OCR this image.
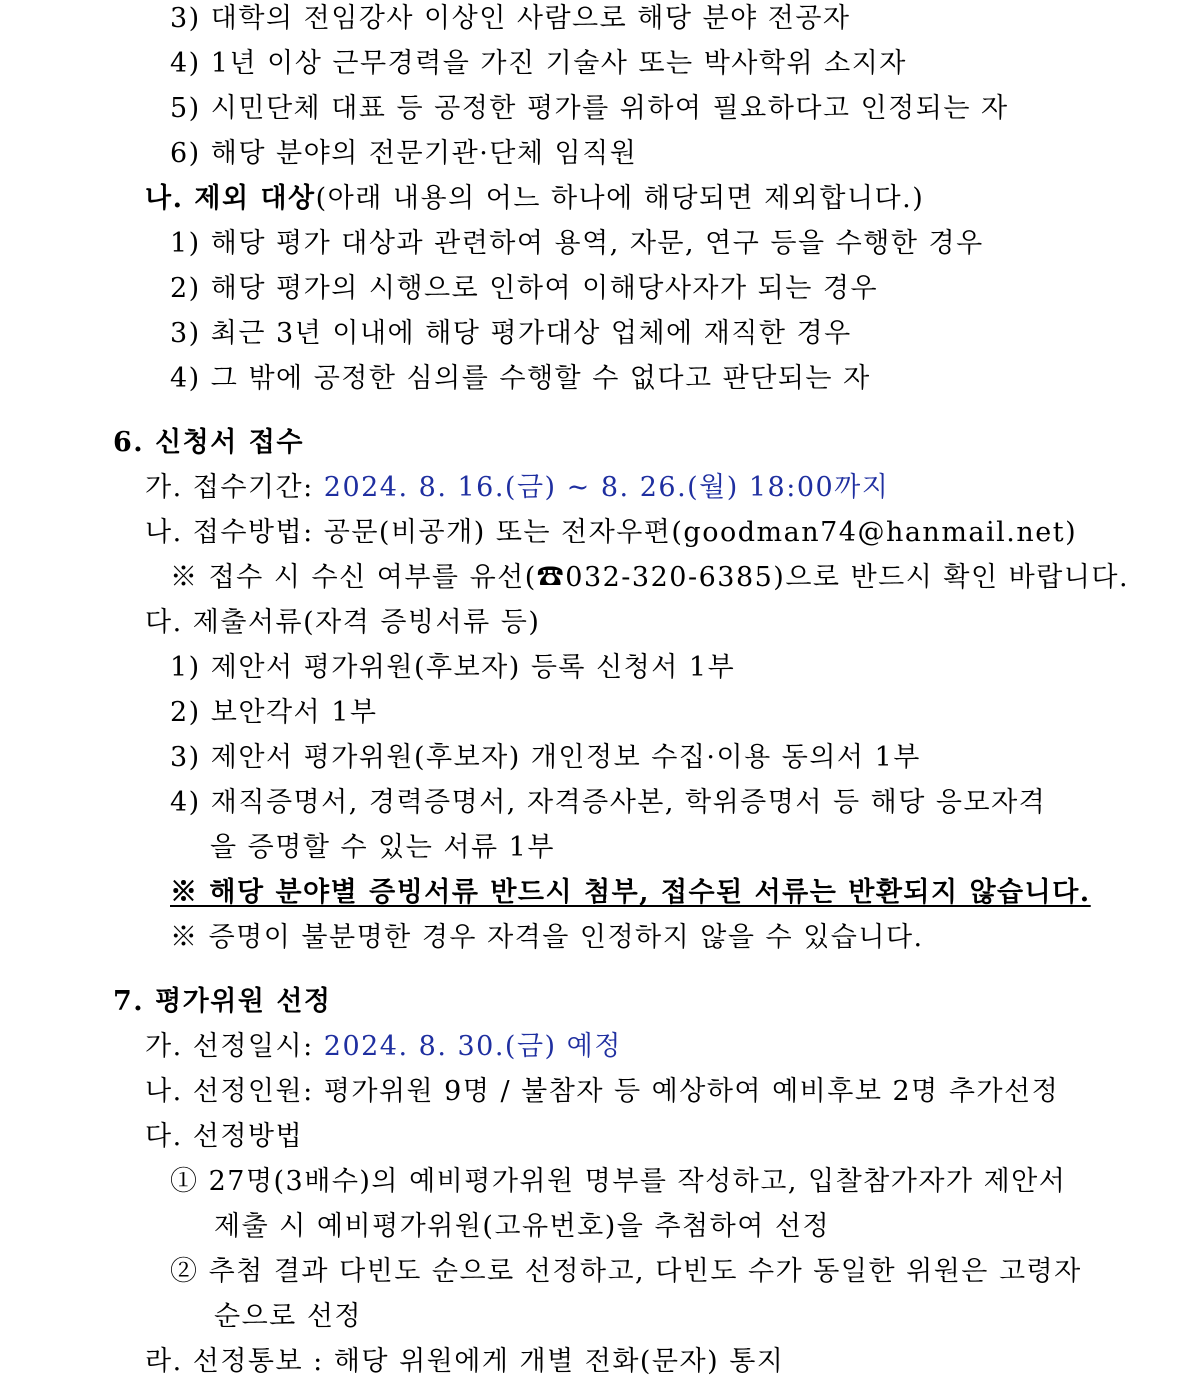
3) 대학의 전임강사 이상인 사람으로 해당 분야 전공자
4) 1년 이상 근무경력을 가진 기술사 또는 박사학위 소지자
5) 시민단체 대표 등 공정한 평가를 위하여 필요하다고 인정되는 자
6) 해당 분야의 전문기관·단체 임직원
나. 제외 대상(아래 내용의 어느 하나에 해당되면 제외합니다.)
1) 해당 평가 대상과 관련하여 용역, 자문, 연구 등을 수행한 경우
2) 해당 평가의 시행으로 인하여 이해당사자가 되는 경우
3) 최근 3년 이내에 해당 평가대상 업체에 재직한 경우
4) 그 밖에 공정한 심의를 수행할 수 없다고 판단되는 자
6. 신청서 접수
가. 접수기간: 2024. 8. 16.(금) ~ 8. 26.(월) 18:00까지
나. 접수방법: 공문(비공개) 또는 전자우편(goodman74@hanmail.net)
※ 접수 시 수신 여부를 유선(☎032-320-6385)으로 반드시 확인 바랍니다.
다. 제출서류(자격 증빙서류 등)
1) 제안서 평가위원(후보자) 등록 신청서 1부
2) 보안각서 1부
3) 제안서 평가위원(후보자) 개인정보 수집·이용 동의서 1부
4) 재직증명서, 경력증명서, 자격증사본, 학위증명서 등 해당 응모자격
을 증명할 수 있는 서류 1부
※ 해당 분야별 증빙서류 반드시 첨부, 접수된 서류는 반환되지 않습니다.
※ 증명이 불분명한 경우 자격을 인정하지 않을 수 있습니다.
7. 평가위원 선정
가. 선정일시: 2024. 8. 30.(금) 예정
나. 선정인원: 평가위원 9명 / 불참자 등 예상하여 예비후보 2명 추가선정
다. 선정방법
① 27명(3배수)의 예비평가위원 명부를 작성하고, 입찰참가자가 제안서
제출 시 예비평가위원(고유번호)을 추첨하여 선정
② 추첨 결과 다빈도 순으로 선정하고, 다빈도 수가 동일한 위원은 고령자
순으로 선정
라. 선정통보 : 해당 위원에게 개별 전화(문자) 통지
